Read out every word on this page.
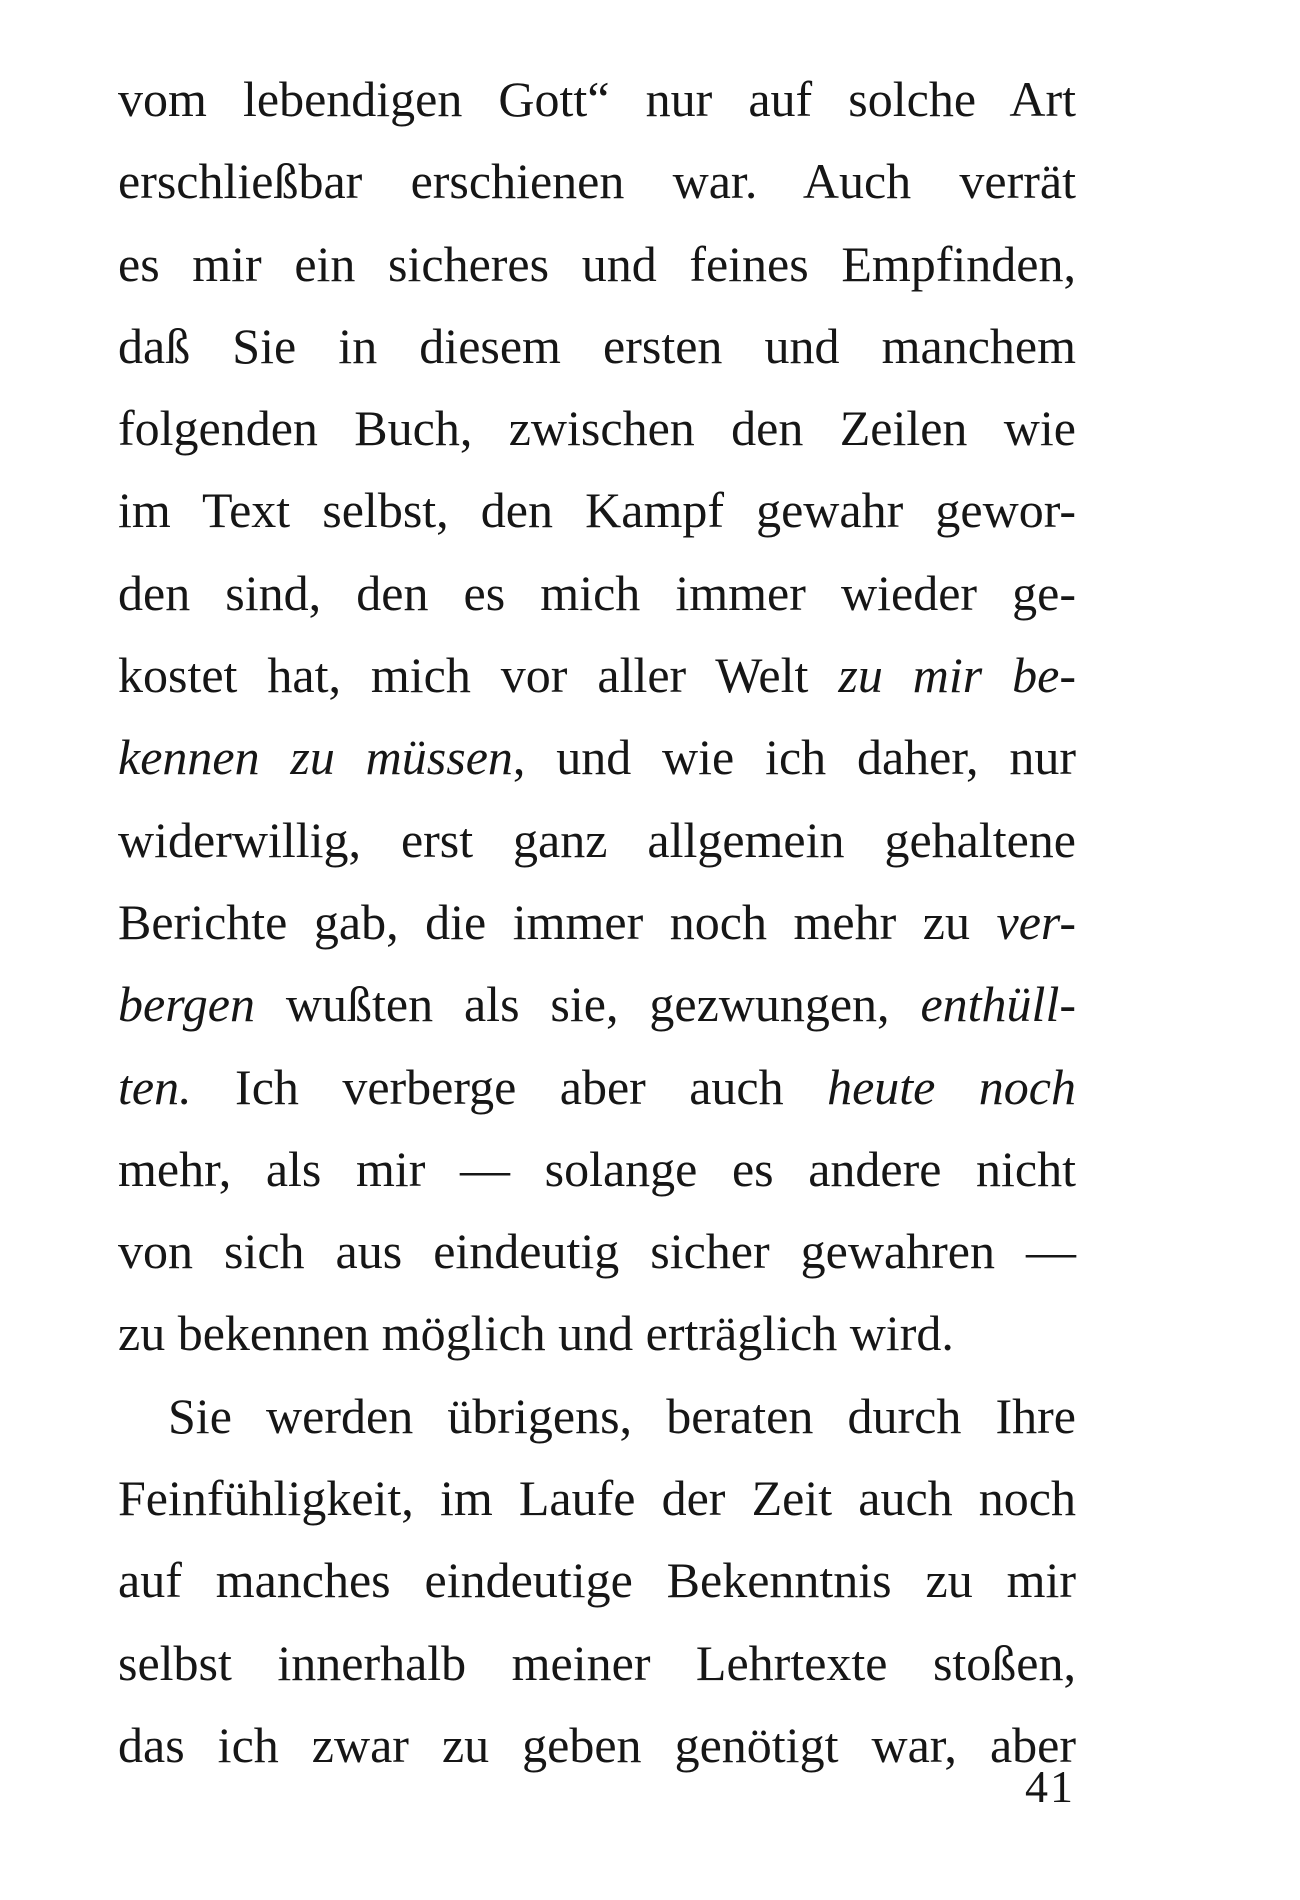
vom lebendigen Gott“ nur auf solche Art
erschließbar erschienen war. Auch verrät
es mir ein sicheres und feines Empfinden,
daß Sie in diesem ersten und manchem
folgenden Buch, zwischen den Zeilen wie
im Text selbst, den Kampf gewahr gewor-
den sind, den es mich immer wieder ge-
kostet hat, mich vor aller Welt zu mir be-
kennen zu müssen, und wie ich daher, nur
widerwillig, erst ganz allgemein gehaltene
Berichte gab, die immer noch mehr zu ver-
bergen wußten als sie, gezwungen, enthüll-
ten. Ich verberge aber auch heute noch
mehr, als mir — solange es andere nicht
von sich aus eindeutig sicher gewahren —
zu bekennen möglich und erträglich wird.
Sie werden übrigens, beraten durch Ihre
Feinfühligkeit, im Laufe der Zeit auch noch
auf manches eindeutige Bekenntnis zu mir
selbst innerhalb meiner Lehrtexte stoßen,
das ich zwar zu geben genötigt war, aber
41
